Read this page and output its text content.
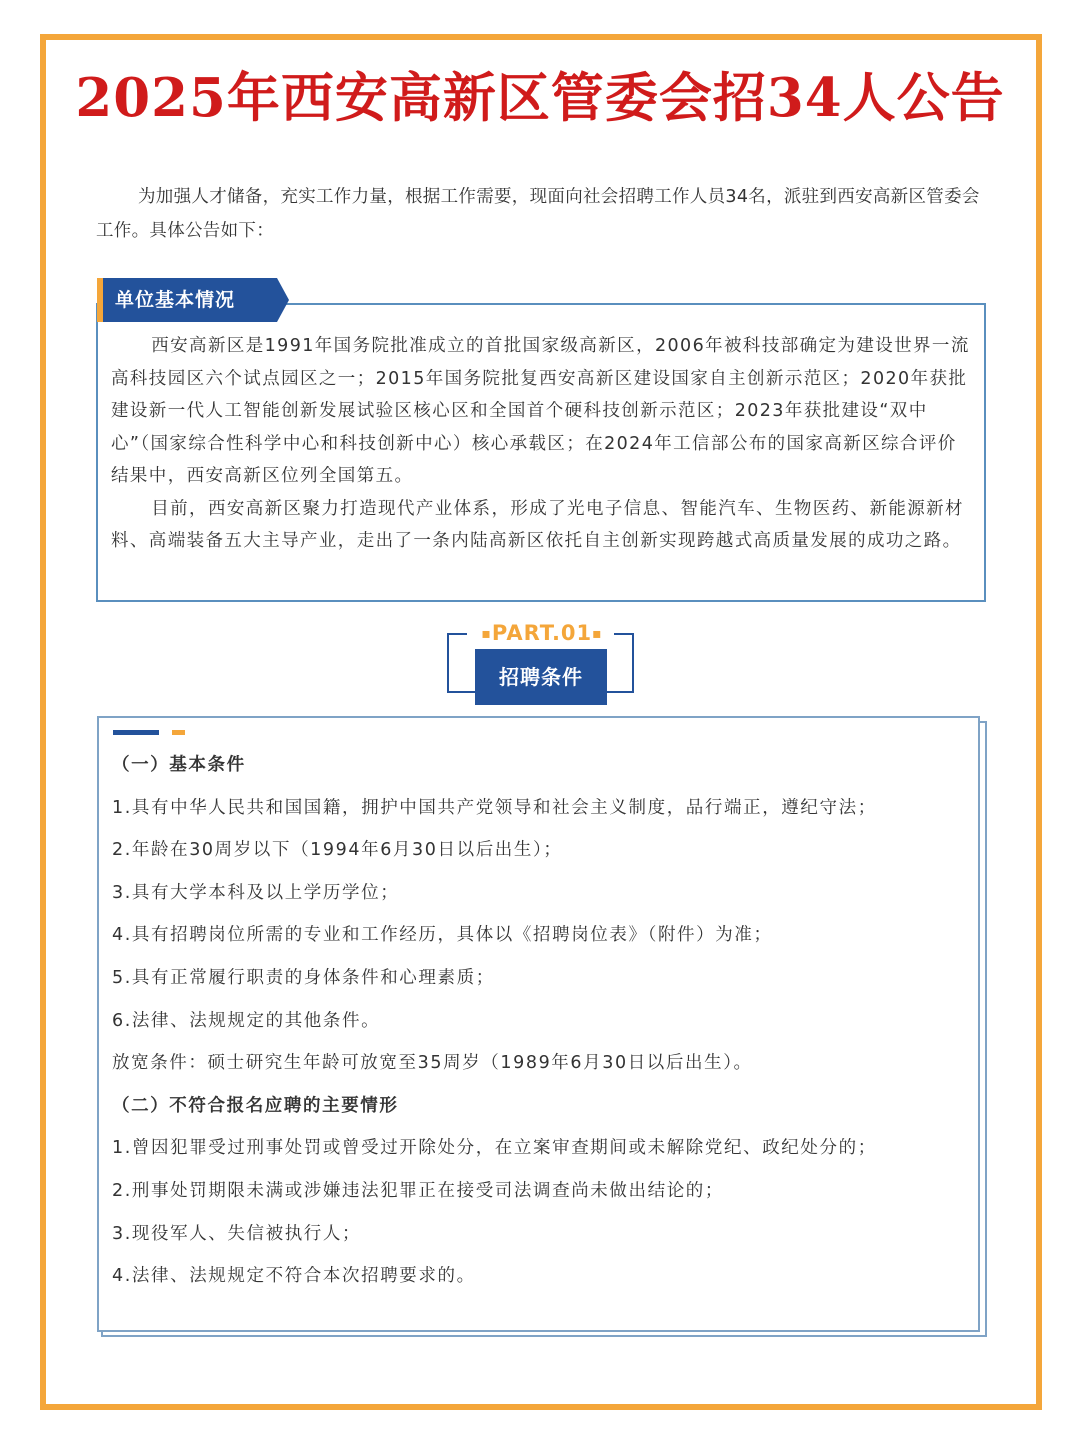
2025年西安高新区管委会招34人公告

为加强人才储备，充实工作力量，根据工作需要，现面向社会招聘工作人员34名，派驻到西安高新区管委会工作。具体公告如下：

单位基本情况

西安高新区是1991年国务院批准成立的首批国家级高新区，2006年被科技部确定为建设世界一流高科技园区六个试点园区之一；2015年国务院批复西安高新区建设国家自主创新示范区；2020年获批建设新一代人工智能创新发展试验区核心区和全国首个硬科技创新示范区；2023年获批建设“双中心”（国家综合性科学中心和科技创新中心）核心承载区；在2024年工信部公布的国家高新区综合评价结果中，西安高新区位列全国第五。

目前，西安高新区聚力打造现代产业体系，形成了光电子信息、智能汽车、生物医药、新能源新材料、高端装备五大主导产业，走出了一条内陆高新区依托自主创新实现跨越式高质量发展的成功之路。

▪PART.01▪
招聘条件
（一）基本条件
1.具有中华人民共和国国籍，拥护中国共产党领导和社会主义制度，品行端正，遵纪守法；
2.年龄在30周岁以下（1994年6月30日以后出生）；
3.具有大学本科及以上学历学位；
4.具有招聘岗位所需的专业和工作经历，具体以《招聘岗位表》（附件）为准；
5.具有正常履行职责的身体条件和心理素质；
6.法律、法规规定的其他条件。
放宽条件：硕士研究生年龄可放宽至35周岁（1989年6月30日以后出生）。
（二）不符合报名应聘的主要情形
1.曾因犯罪受过刑事处罚或曾受过开除处分，在立案审查期间或未解除党纪、政纪处分的；
2.刑事处罚期限未满或涉嫌违法犯罪正在接受司法调查尚未做出结论的；
3.现役军人、失信被执行人；
4.法律、法规规定不符合本次招聘要求的。
